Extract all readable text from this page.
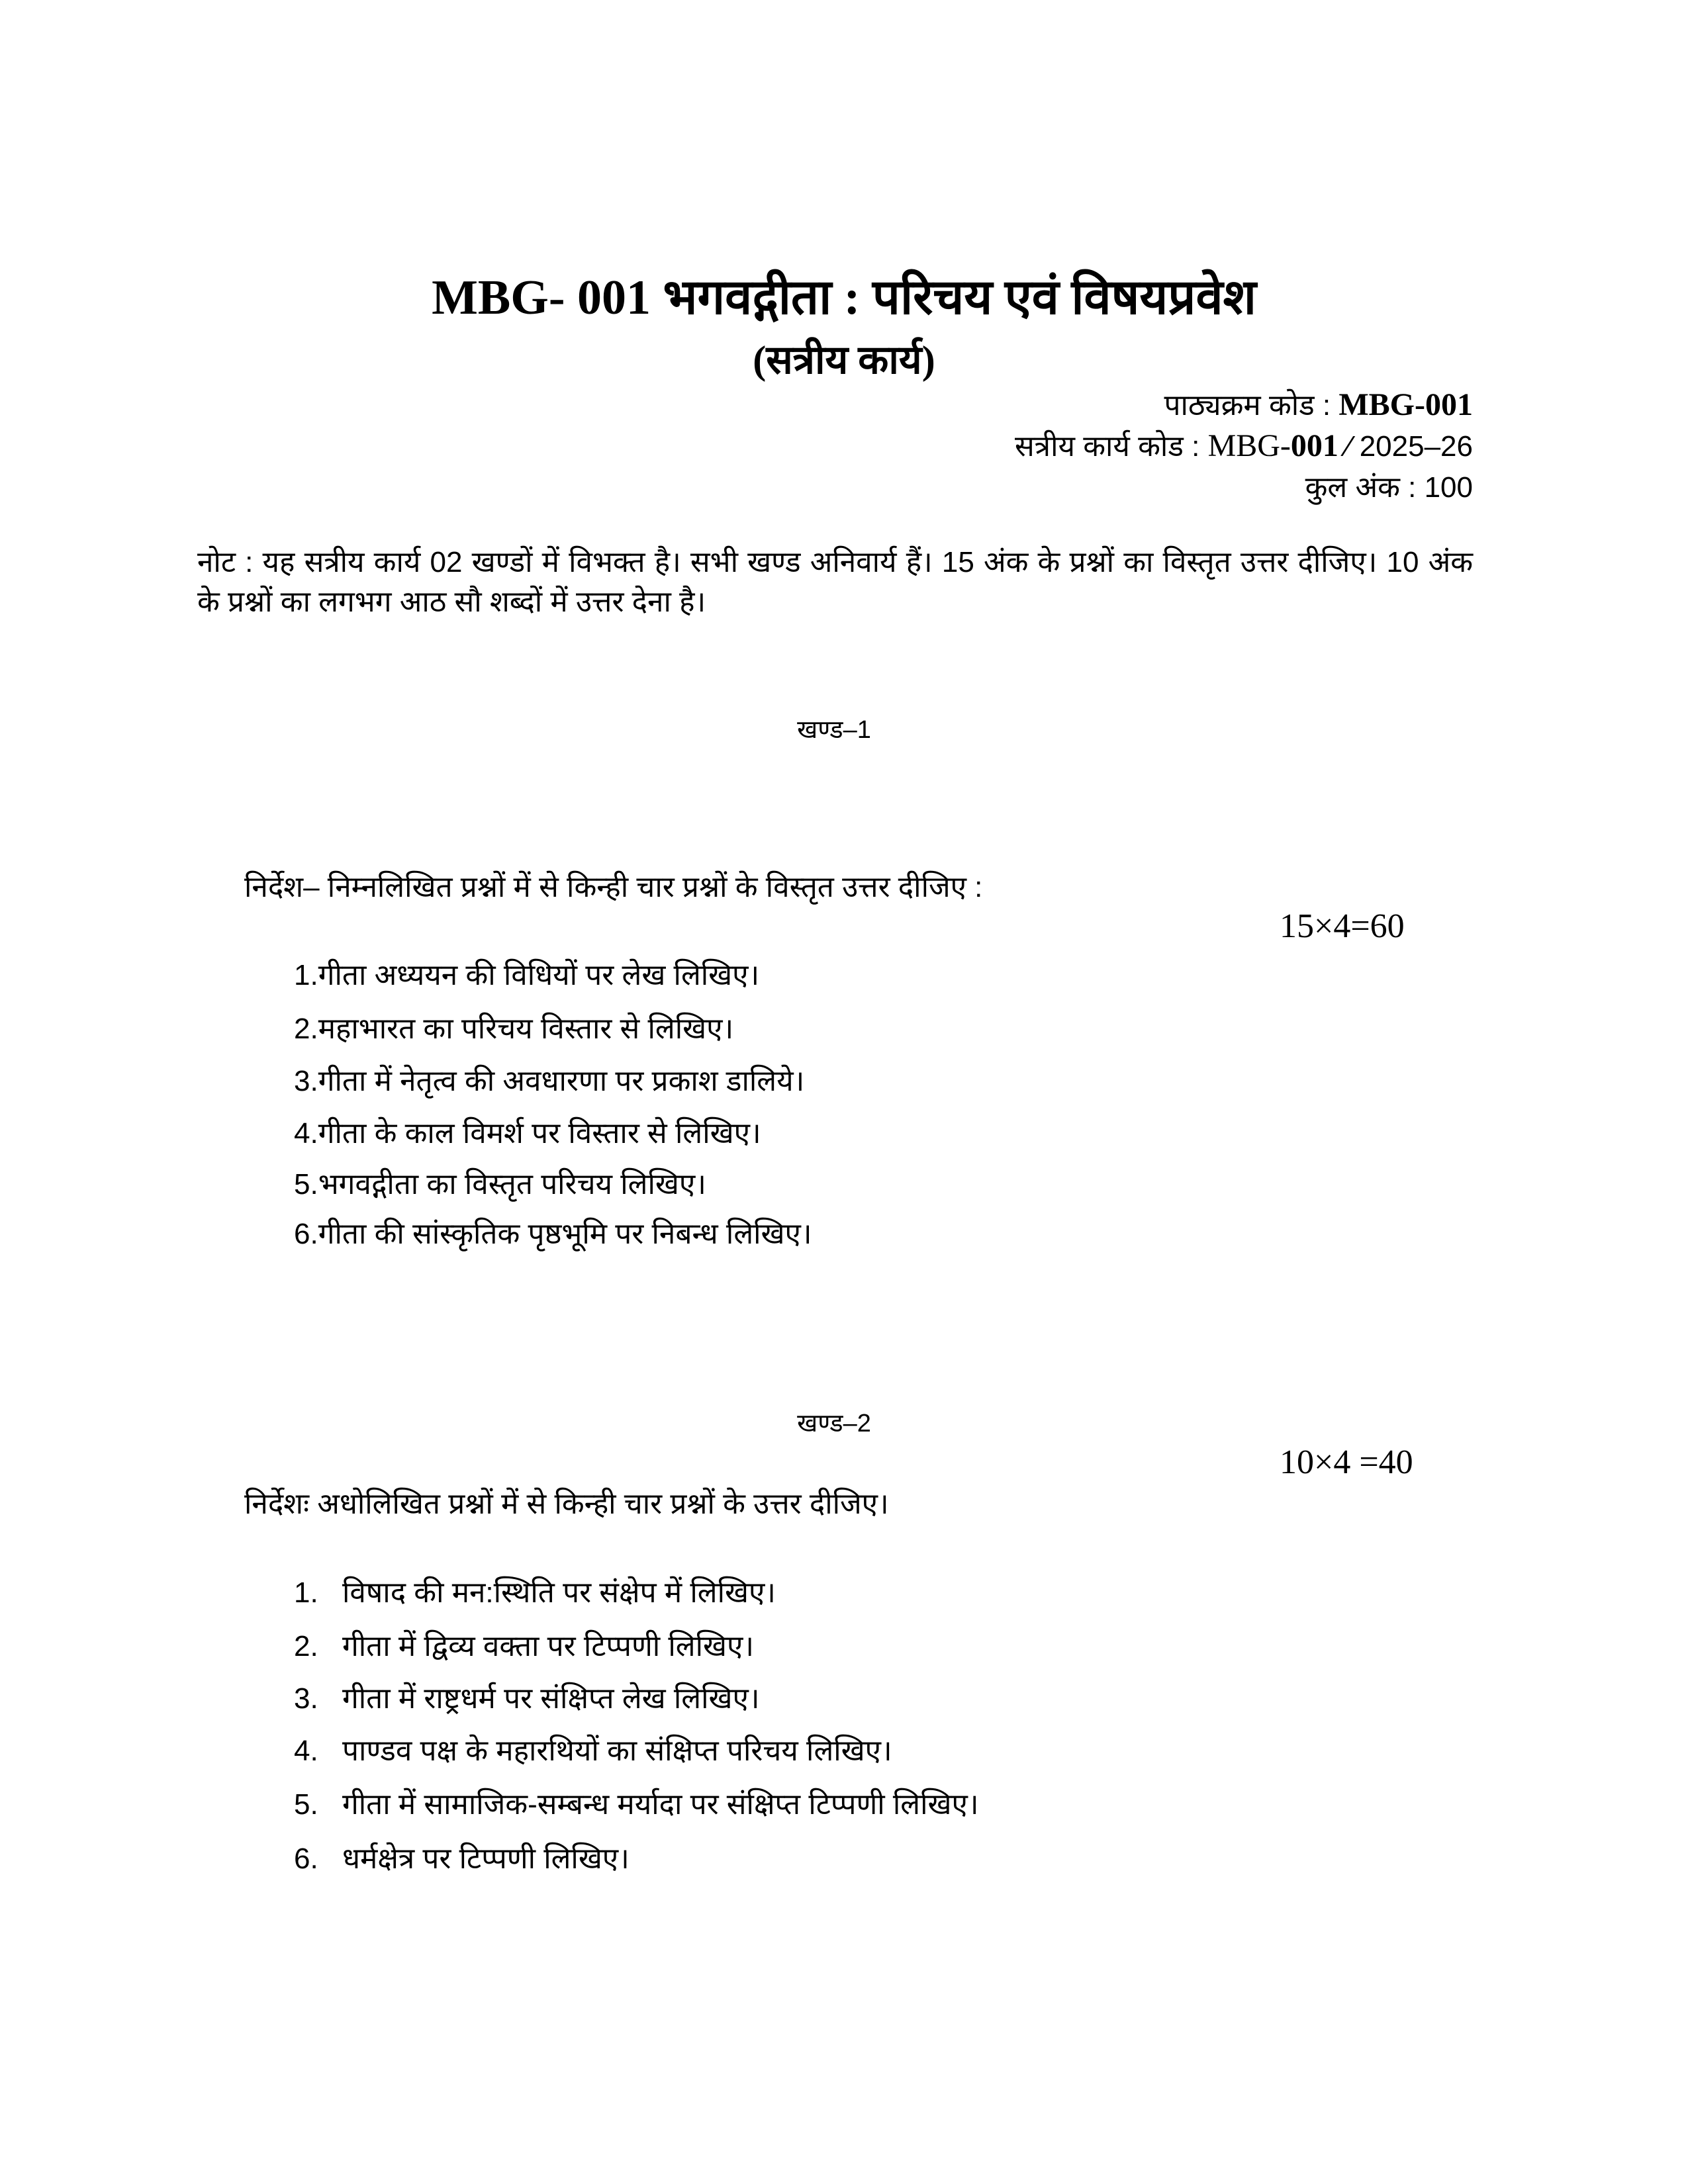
MBG- 001 भगवद्गीता : परिचय एवं विषयप्रवेश
(सत्रीय कार्य)
पाठ्यक्रम कोड : MBG-001
सत्रीय कार्य कोड : MBG-001 ⁄ 2025–26
कुल अंक : 100
नोट : यह सत्रीय कार्य 02 खण्डों में विभक्त है। सभी खण्ड अनिवार्य हैं। 15 अंक के प्रश्नों का विस्तृत उत्तर दीजिए। 10 अंक के प्रश्नों का लगभग आठ सौ शब्दों में उत्तर देना है।
खण्ड–1
निर्देश– निम्नलिखित प्रश्नों में से किन्ही चार प्रश्नों के विस्तृत उत्तर दीजिए :
15×4=60
1.गीता अध्ययन की विधियों पर लेख लिखिए।
2.महाभारत का परिचय विस्तार से लिखिए।
3.गीता में नेतृत्व की अवधारणा पर प्रकाश डालिये।
4.गीता के काल विमर्श पर विस्तार से लिखिए।
5.भगवद्गीता का विस्तृत परिचय लिखिए।
6.गीता की सांस्कृतिक पृष्ठभूमि पर निबन्ध लिखिए।
खण्ड–2
10×4 =40
निर्देशः अधोलिखित प्रश्नों में से किन्ही चार प्रश्नों के उत्तर दीजिए।
1. विषाद की मन:स्थिति पर संक्षेप में लिखिए।
2. गीता में द्विव्य वक्ता पर टिप्पणी लिखिए।
3. गीता में राष्ट्रधर्म पर संक्षिप्त लेख लिखिए।
4. पाण्डव पक्ष के महारथियों का संक्षिप्त परिचय लिखिए।
5. गीता में सामाजिक-सम्बन्ध मर्यादा पर संक्षिप्त टिप्पणी लिखिए।
6. धर्मक्षेत्र पर टिप्पणी लिखिए।
